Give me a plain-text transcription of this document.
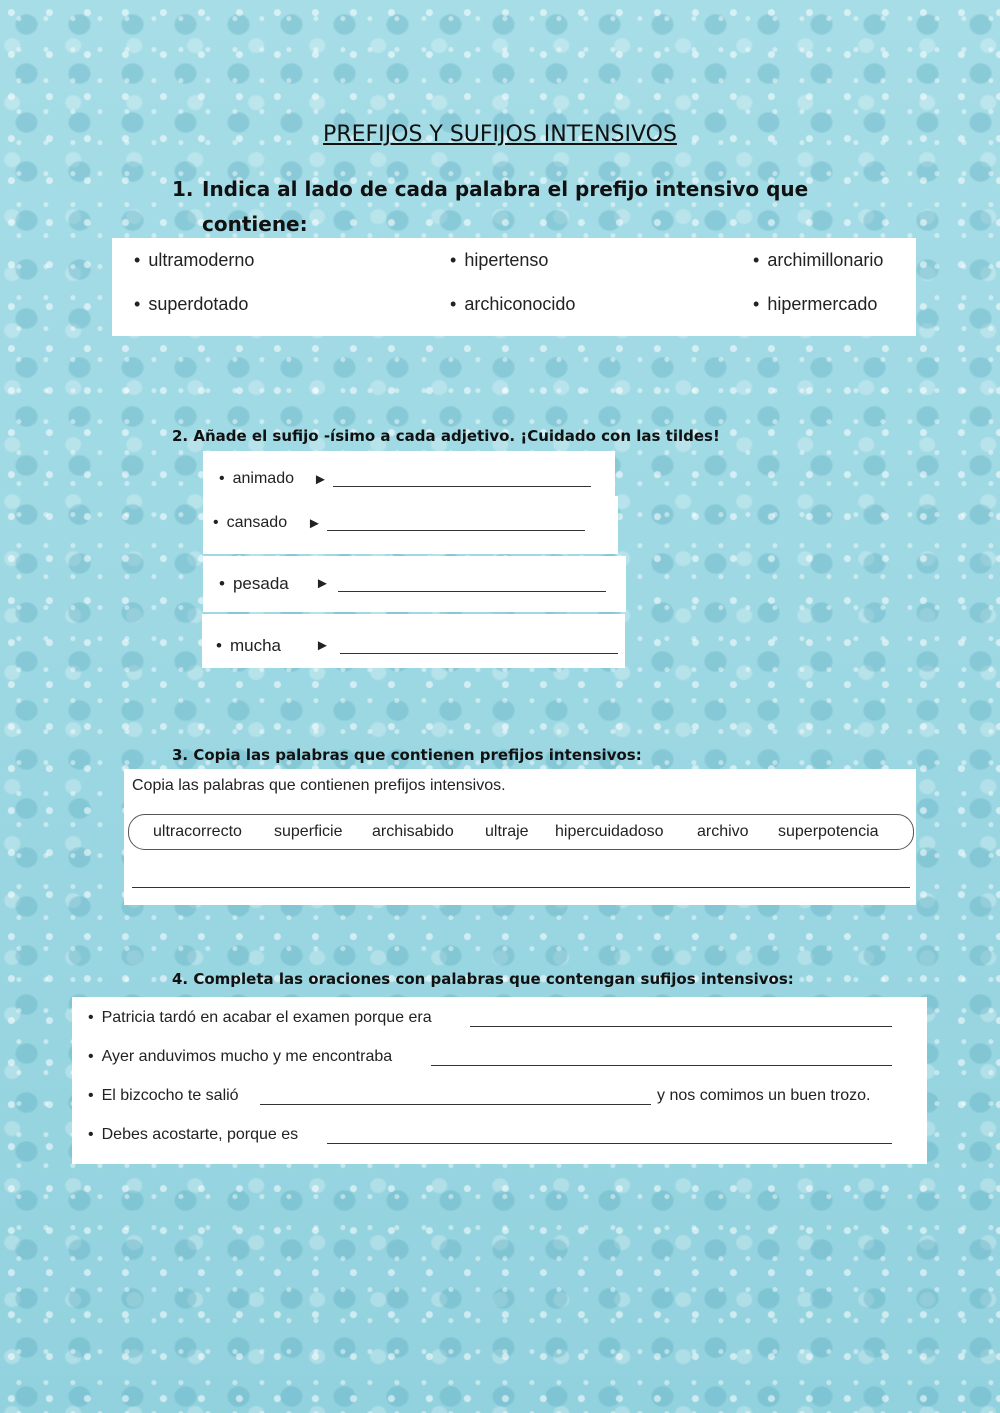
PREFIJOS Y SUFIJOS INTENSIVOS
1. Indica al lado de cada palabra el prefijo intensivo que
contiene:
• ultramoderno	• hipertenso	• archimillonario
• superdotado	• archiconocido	• hipermercado
2. Añade el sufijo -ísimo a cada adjetivo. ¡Cuidado con las tildes!
• animado ►
• cansado ►
• pesada ►
• mucha ►
3. Copia las palabras que contienen prefijos intensivos:
Copia las palabras que contienen prefijos intensivos.
ultracorrecto superficie archisabido ultraje hipercuidadoso archivo superpotencia
4. Completa las oraciones con palabras que contengan sufijos intensivos:
• Patricia tardó en acabar el examen porque era
• Ayer anduvimos mucho y me encontraba
• El bizcocho te salió	y nos comimos un buen trozo.
• Debes acostarte, porque es
